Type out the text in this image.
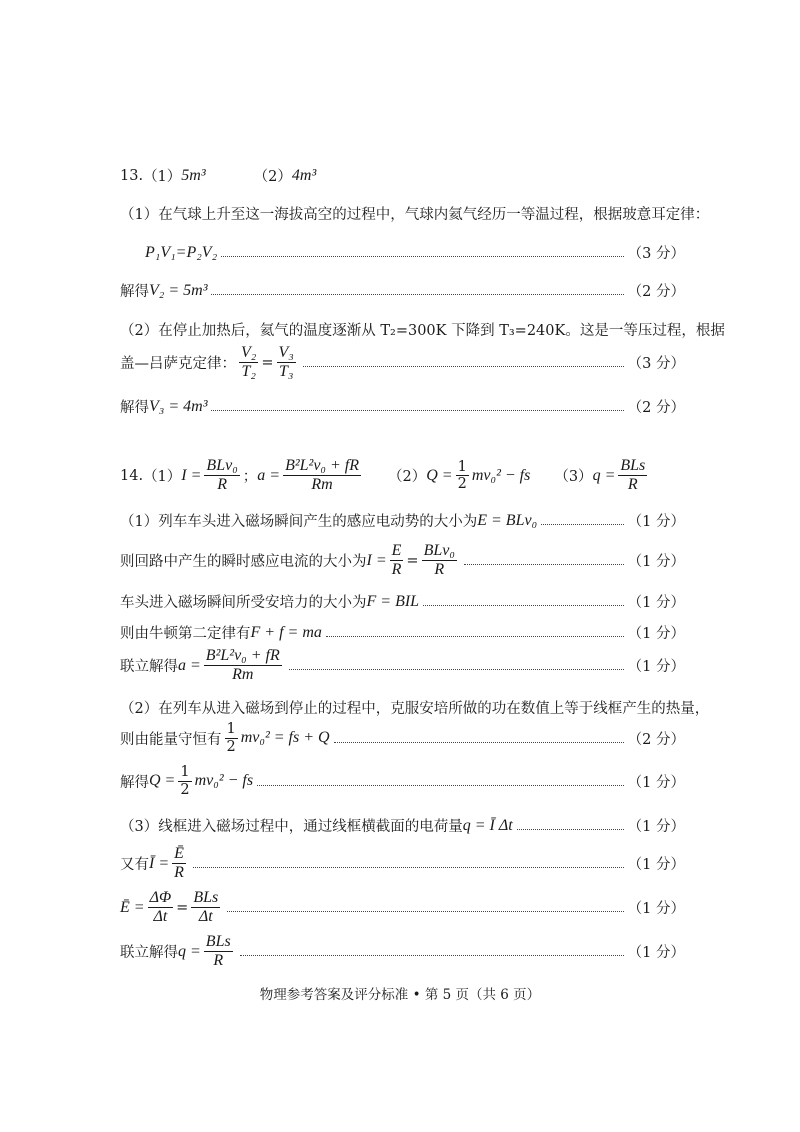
13. （1） 5m³	（2） 4m³
（1）在气球上升至这一海拔高空的过程中，气球内氦气经历一等温过程，根据玻意耳定律：
P₁V₁=P₂V₂	（3 分）
解得 V₂ = 5m³	（2 分）
（2）在停止加热后，氦气的温度逐渐从 T₂=300K 下降到 T₃=240K。这是一等压过程，根据
盖—吕萨克定律： $\frac{\text{V₂}}{\text{T₂}} = \frac{\text{V₃}}{\text{T₃}}$	（3 分）
解得 V₃ = 4m³	（2 分）
14. （1） $I = \frac{\text{BLv₀}}{R}$ ； $a = \frac{\text{B²L²v₀ + fR}}{Rm} (2) Q = \frac{1}{2} mv_0^2$ − fs （3） $q = \frac{\text{BLs}}{R}$
（1）列车车头进入磁场瞬间产生的感应电动势的大小为 E = BLv₀	（1 分）
则回路中产生的瞬时感应电流的大小为 $I = \frac{E}{R} = \frac{\text{BLv₀}}{R}$	（1 分）
车头进入磁场瞬间所受安培力的大小为 F = BIL	（1 分）
则由牛顿第二定律有 F + f = ma	（1 分）
联立解得 $a = \frac{\text{B²L²v₀ + fR}}{Rm}$	（1 分）
（2）在列车从进入磁场到停止的过程中，克服安培所做的功在数值上等于线框产生的热量，
则由能量守恒有 $\frac{1}{2} mv_0^2$ = fs + Q	（2 分）
解得 $Q = \frac{1}{2} mv_0^2$ − fs	（1 分）
（3）线框进入磁场过程中，通过线框横截面的电荷量 q = Ī Δt	（1 分）
又有 Ī = $\frac{Ē}{R}$	（1 分）
Ē = $\frac{\Delta\Phi}{\Delta t} = \frac{\text{BLs}}{\Delta t}$	（1 分）
联立解得 $q = \frac{\text{BLs}}{R}$	（1 分）
物理参考答案及评分标准 • 第 5 页（共 6 页）
